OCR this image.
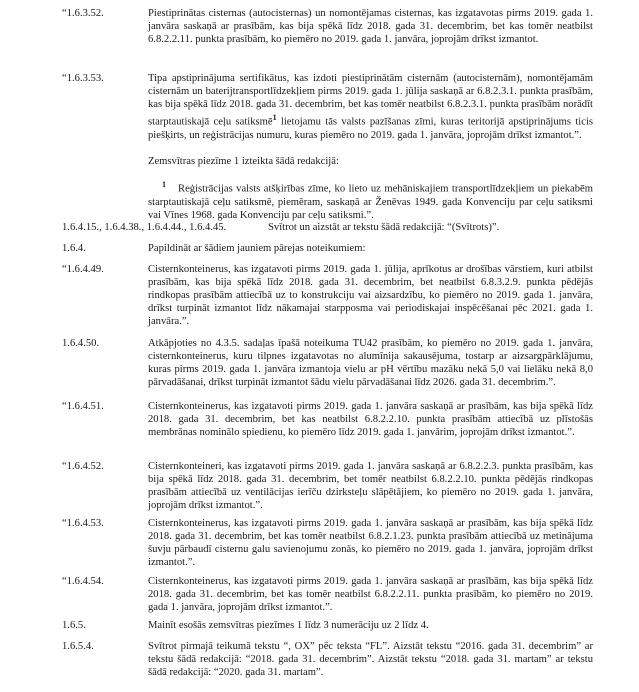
“1.6.3.52.	Piestiprinātas cisternas (autocisternas) un nomontējamas cisternas, kas izgatavotas pirms 2019. gada 1. janvāra saskaņā ar prasībām, kas bija spēkā līdz 2018. gada 31. decembrim, bet kas tomēr neatbilst 6.8.2.2.11. punkta prasībām, ko piemēro no 2019. gada 1. janvāra, joprojām drīkst izmantot.

“1.6.3.53.	Tipa apstiprinājuma sertifikātus, kas izdoti piestiprinātām cisternām (autocisternām), nomontējamām cisternām un baterijtransportlīdzekļiem pirms 2019. gada 1. jūlija saskaņā ar 6.8.2.3.1. punkta prasībām, kas bija spēkā līdz 2018. gada 31. decembrim, bet kas tomēr neatbilst 6.8.2.3.1. punkta prasībām norādīt starptautiskajā ceļu satiksmē$^1$ lietojamu tās valsts pazīšanas zīmi, kuras teritorijā apstiprinājums ticis piešķirts, un reģistrācijas numuru, kuras piemēro no 2019. gada 1. janvāra, joprojām drīkst izmantot.”.

Zemsvītras piezīme 1 izteikta šādā redakcijā:

$^1$ Reģistrācijas valsts atšķirības zīme, ko lieto uz mehāniskajiem transportlīdzekļiem un piekabēm starptautiskajā ceļu satiksmē, piemēram, saskaņā ar Ženēvas 1949. gada Konvenciju par ceļu satiksmi vai Vīnes 1968. gada Konvenciju par ceļu satiksmi.”.

1.6.4.15., 1.6.4.38., 1.6.4.44., 1.6.4.45.	Svītrot un aizstāt ar tekstu šādā redakcijā: “(Svītrots)”.

1.6.4.	Papildināt ar šādiem jauniem pārejas noteikumiem:

“1.6.4.49.	Cisternkonteinerus, kas izgatavoti pirms 2019. gada 1. jūlija, aprīkotus ar drošības vārstiem, kuri atbilst prasībām, kas bija spēkā līdz 2018. gada 31. decembrim, bet neatbilst 6.8.3.2.9. punkta pēdējās rindkopas prasībām attiecībā uz to konstrukciju vai aizsardzību, ko piemēro no 2019. gada 1. janvāra, drīkst turpināt izmantot līdz nākamajai starpposma vai periodiskajai inspēcēšanai pēc 2021. gada 1. janvāra.”.

1.6.4.50.	Atkāpjoties no 4.3.5. sadaļas īpašā noteikuma TU42 prasībām, ko piemēro no 2019. gada 1. janvāra, cisternkonteinerus, kuru tilpnes izgatavotas no alumīnija sakausējuma, tostarp ar aizsargpārklājumu, kuras pirms 2019. gada 1. janvāra izmantoja vielu ar pH vērtību mazāku nekā 5,0 vai lielāku nekā 8,0 pārvadāšanai, drīkst turpināt izmantot šādu vielu pārvadāšanai līdz 2026. gada 31. decembrim.”.

“1.6.4.51.	Cisternkonteinerus, kas izgatavoti pirms 2019. gada 1. janvāra saskaņā ar prasībām, kas bija spēkā līdz 2018. gada 31. decembrim, bet kas neatbilst 6.8.2.2.10. punkta prasībām attiecībā uz plīstošās membrānas nominālo spiedienu, ko piemēro līdz 2019. gada 1. janvārim, joprojām drīkst izmantot.”.

“1.6.4.52.	Cisternkonteineri, kas izgatavoti pirms 2019. gada 1. janvāra saskaņā ar 6.8.2.2.3. punkta prasībām, kas bija spēkā līdz 2018. gada 31. decembrim, bet tomēr neatbilst 6.8.2.2.10. punkta pēdējās rindkopas prasībām attiecībā uz ventilācijas ierīču dzirksteļu slāpētājiem, ko piemēro no 2019. gada 1. janvāra, joprojām drīkst izmantot.”.

“1.6.4.53.	Cisternkonteinerus, kas izgatavoti pirms 2019. gada 1. janvāra saskaņā ar prasībām, kas bija spēkā līdz 2018. gada 31. decembrim, bet kas tomēr neatbilst 6.8.2.1.23. punkta prasībām attiecībā uz metinājuma šuvju pārbaudī cisternu galu savienojumu zonās, ko piemēro no 2019. gada 1. janvāra, joprojām drīkst izmantot.”.

“1.6.4.54.	Cisternkonteinerus, kas izgatavoti pirms 2019. gada 1. janvāra saskaņā ar prasībām, kas bija spēkā līdz 2018. gada 31. decembrim, bet kas tomēr neatbilst 6.8.2.2.11. punkta prasībām, ko piemēro no 2019. gada 1. janvāra, joprojām drīkst izmantot.”.

1.6.5.	Mainīt esošās zemsvītras piezīmes 1 līdz 3 numerāciju uz 2 līdz 4.

1.6.5.4.	Svītrot pirmajā teikumā tekstu “, OX” pēc teksta “FL”. Aizstāt tekstu “2016. gada 31. decembrim” ar tekstu šādā redakcijā: “2018. gada 31. decembrim”. Aizstāt tekstu “2018. gada 31. martam” ar tekstu šādā redakcijā: “2020. gada 31. martam”.
